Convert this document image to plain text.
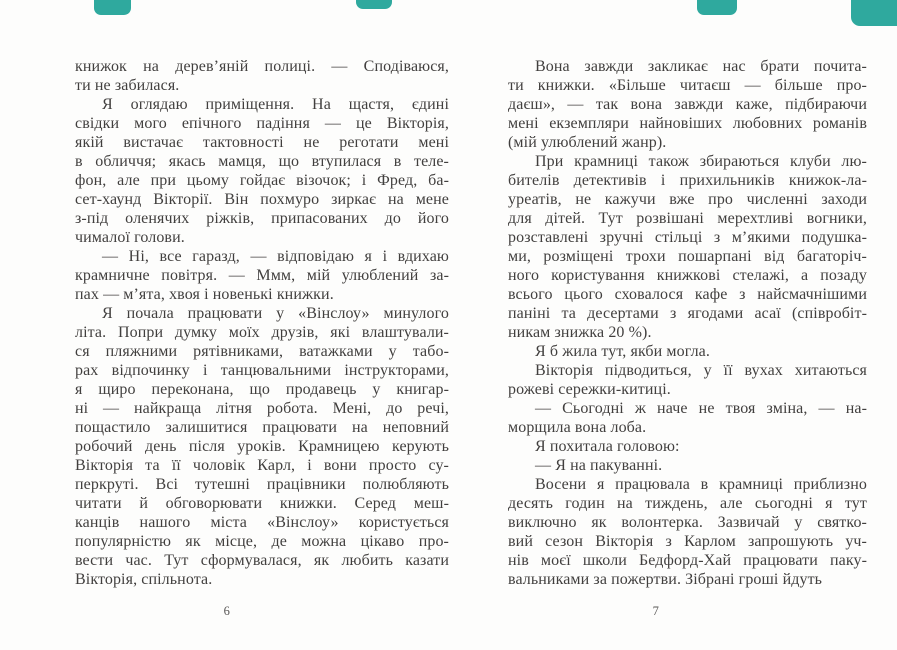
книжок на дерев’яній полиці. — Сподіваюся,
ти не забилася.
Я оглядаю приміщення. На щастя, єдині
свідки мого епічного падіння — це Вікторія,
якій вистачає тактовності не реготати мені
в обличчя; якась мамця, що втупилася в теле-
фон, але при цьому гойдає візочок; і Фред, ба-
сет-хаунд Вікторії. Він похмуро зиркає на мене
з-під оленячих ріжків, припасованих до його
чималої голови.
— Ні, все гаразд, — відповідаю я і вдихаю
крамничне повітря. — Ммм, мій улюблений за-
пах — м’ята, хвоя і новенькі книжки.
Я почала працювати у «Вінслоу» минулого
літа. Попри думку моїх друзів, які влаштували-
ся пляжними рятівниками, ватажками у табо-
рах відпочинку і танцювальними інструкторами,
я щиро переконана, що продавець у книгар-
ні — найкраща літня робота. Мені, до речі,
пощастило залишитися працювати на неповний
робочий день після уроків. Крамницею керують
Вікторія та її чоловік Карл, і вони просто су-
перкруті. Всі тутешні працівники полюбляють
читати й обговорювати книжки. Серед меш-
канців нашого міста «Вінслоу» користується
популярністю як місце, де можна цікаво про-
вести час. Тут сформувалася, як любить казати
Вікторія, спільнота.
Вона завжди закликає нас брати почита-
ти книжки. «Більше читаєш — більше про-
даєш», — так вона завжди каже, підбираючи
мені екземпляри найновіших любовних романів
(мій улюблений жанр).
При крамниці також збираються клуби лю-
бителів детективів і прихильників книжок-ла-
уреатів, не кажучи вже про численні заходи
для дітей. Тут розвішані мерехтливі вогники,
розставлені зручні стільці з м’якими подушка-
ми, розміщені трохи пошарпані від багаторіч-
ного користування книжкові стелажі, а позаду
всього цього сховалося кафе з найсмачнішими
паніні та десертами з ягодами асаї (співробіт-
никам знижка 20 %).
Я б жила тут, якби могла.
Вікторія підводиться, у її вухах хитаються
рожеві сережки-китиці.
— Сьогодні ж наче не твоя зміна, — на-
морщила вона лоба.
Я похитала головою:
— Я на пакуванні.
Восени я працювала в крамниці приблизно
десять годин на тиждень, але сьогодні я тут
виключно як волонтерка. Зазвичай у святко-
вий сезон Вікторія з Карлом запрошують уч-
нів моєї школи Бедфорд-Хай працювати паку-
вальниками за пожертви. Зібрані гроші йдуть
6	7
